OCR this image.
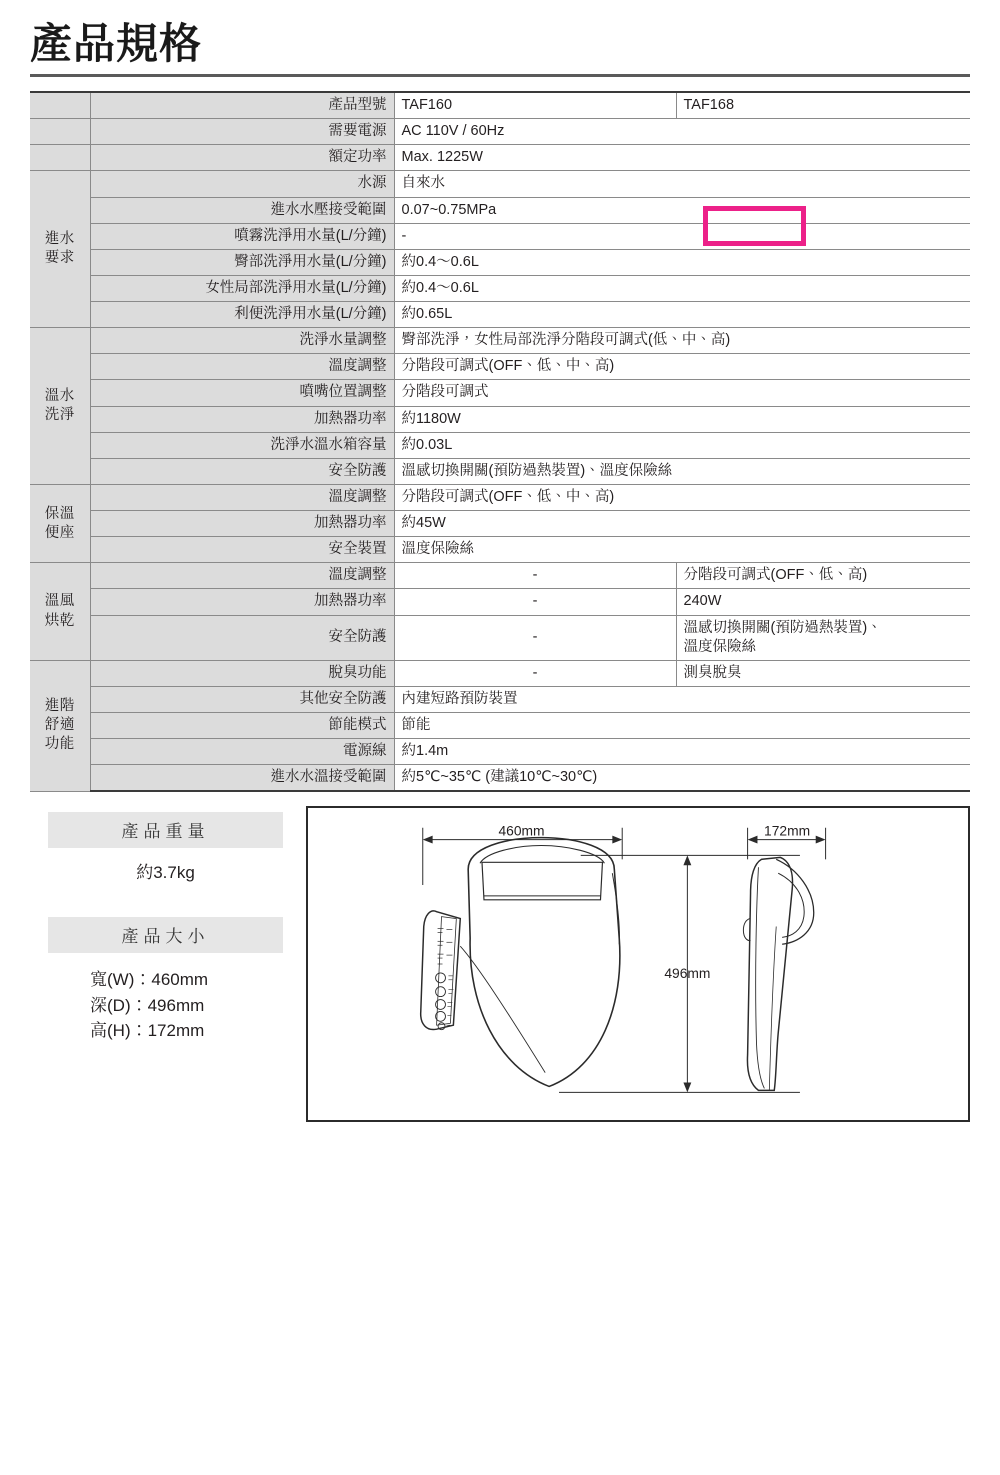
產品規格
	產品型號	TAF160	TAF168
	需要電源	AC 110V / 60Hz	
	額定功率	Max. 1225W	

進水
要求	水源	自來水	
	進水水壓接受範圍	0.07~0.75MPa	
	噴霧洗淨用水量(L/分鐘)	-	
	臀部洗淨用水量(L/分鐘)	約0.4～0.6L	
	女性局部洗淨用水量(L/分鐘)	約0.4～0.6L	
	利便洗淨用水量(L/分鐘)	約0.65L	

溫水
洗淨	洗淨水量調整	臀部洗淨，女性局部洗淨分階段可調式(低、中、高)	
	溫度調整	分階段可調式(OFF、低、中、高)	
	噴嘴位置調整	分階段可調式	
	加熱器功率	約1180W	
	洗淨水溫水箱容量	約0.03L	
	安全防護	溫感切換開關(預防過熱裝置)、溫度保險絲	

保溫
便座	溫度調整	分階段可調式(OFF、低、中、高)	
	加熱器功率	約45W	
	安全裝置	溫度保險絲	

溫風
烘乾	溫度調整	-	分階段可調式(OFF、低、高)
	加熱器功率	-	240W
	安全防護	-	溫感切換開關(預防過熱裝置)、
溫度保險絲

進階
舒適
功能	脫臭功能	-	測臭脫臭
	其他安全防護	內建短路預防裝置	
	節能模式	節能	
	電源線	約1.4m	
	進水水溫接受範圍	約5℃~35℃ (建議10℃~30℃)	
產品重量
約3.7kg
產品大小
寬(W)：460mm
深(D)：496mm
高(H)：172mm
460mm	172mm
496mm
